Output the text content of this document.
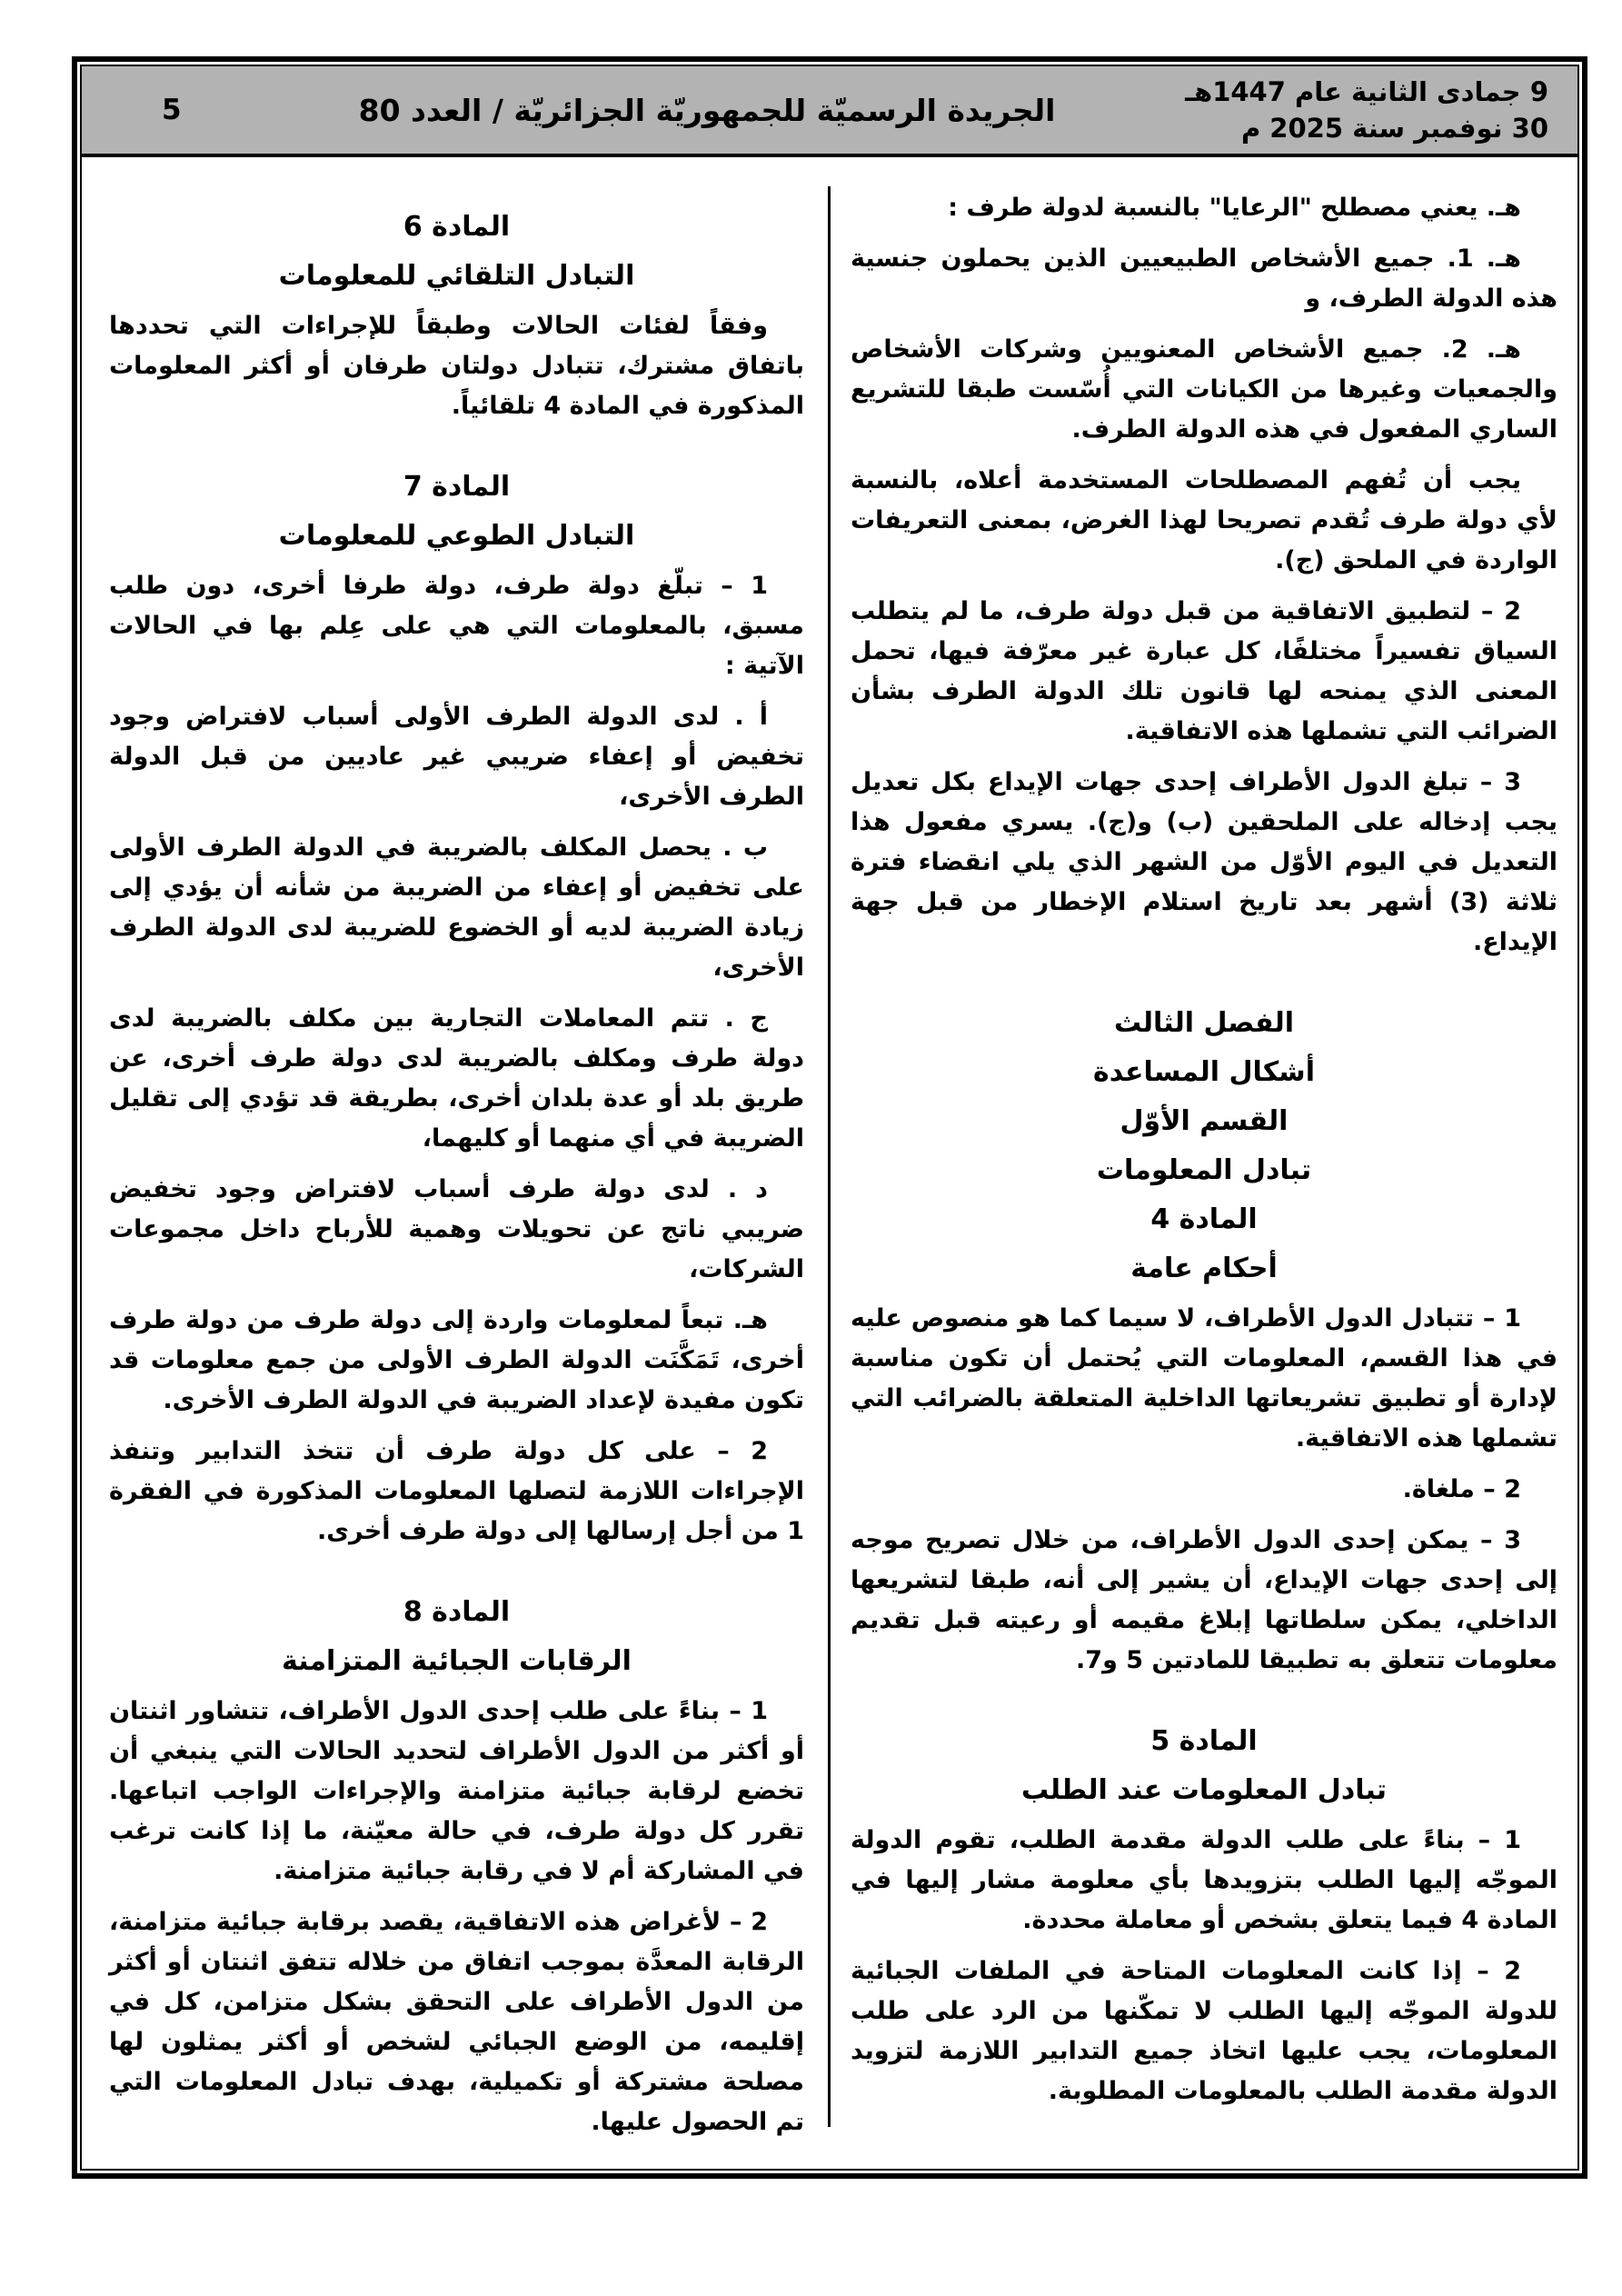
9 جمادى الثانية عام 1447هـ
30 نوفمبر سنة 2025 م
الجريدة الرسميّة للجمهوريّة الجزائريّة / العدد 80
5
هـ. يعني مصطلح "الرعايا" بالنسبة لدولة طرف :
هـ. 1. جميع الأشخاص الطبيعيين الذين يحملون جنسية هذه الدولة الطرف، و
هـ. 2. جميع الأشخاص المعنويين وشركات الأشخاص والجمعيات وغيرها من الكيانات التي أُسّست طبقا للتشريع الساري المفعول في هذه الدولة الطرف.
يجب أن تُفهم المصطلحات المستخدمة أعلاه، بالنسبة لأي دولة طرف تُقدم تصريحا لهذا الغرض، بمعنى التعريفات الواردة في الملحق (ج).
2 – لتطبيق الاتفاقية من قبل دولة طرف، ما لم يتطلب السياق تفسيراً مختلفًا، كل عبارة غير معرّفة فيها، تحمل المعنى الذي يمنحه لها قانون تلك الدولة الطرف بشأن الضرائب التي تشملها هذه الاتفاقية.
3 – تبلغ الدول الأطراف إحدى جهات الإيداع بكل تعديل يجب إدخاله على الملحقين (ب) و(ج). يسري مفعول هذا التعديل في اليوم الأوّل من الشهر الذي يلي انقضاء فترة ثلاثة (3) أشهر بعد تاريخ استلام الإخطار من قبل جهة الإيداع.
الفصل الثالث
أشكال المساعدة
القسم الأوّل
تبادل المعلومات
المادة 4
أحكام عامة
1 – تتبادل الدول الأطراف، لا سيما كما هو منصوص عليه في هذا القسم، المعلومات التي يُحتمل أن تكون مناسبة لإدارة أو تطبيق تشريعاتها الداخلية المتعلقة بالضرائب التي تشملها هذه الاتفاقية.
2 – ملغاة.
3 – يمكن إحدى الدول الأطراف، من خلال تصريح موجه إلى إحدى جهات الإيداع، أن يشير إلى أنه، طبقا لتشريعها الداخلي، يمكن سلطاتها إبلاغ مقيمه أو رعيته قبل تقديم معلومات تتعلق به تطبيقا للمادتين 5 و7.
المادة 5
تبادل المعلومات عند الطلب
1 – بناءً على طلب الدولة مقدمة الطلب، تقوم الدولة الموجّه إليها الطلب بتزويدها بأي معلومة مشار إليها في المادة 4 فيما يتعلق بشخص أو معاملة محددة.
2 – إذا كانت المعلومات المتاحة في الملفات الجبائية للدولة الموجّه إليها الطلب لا تمكّنها من الرد على طلب المعلومات، يجب عليها اتخاذ جميع التدابير اللازمة لتزويد الدولة مقدمة الطلب بالمعلومات المطلوبة.
المادة 6
التبادل التلقائي للمعلومات
وفقاً لفئات الحالات وطبقاً للإجراءات التي تحددها باتفاق مشترك، تتبادل دولتان طرفان أو أكثر المعلومات المذكورة في المادة 4 تلقائياً.
المادة 7
التبادل الطوعي للمعلومات
1 – تبلّغ دولة طرف، دولة طرفا أخرى، دون طلب مسبق، بالمعلومات التي هي على عِلم بها في الحالات الآتية :
أ . لدى الدولة الطرف الأولى أسباب لافتراض وجود تخفيض أو إعفاء ضريبي غير عاديين من قبل الدولة الطرف الأخرى،
ب . يحصل المكلف بالضريبة في الدولة الطرف الأولى على تخفيض أو إعفاء من الضريبة من شأنه أن يؤدي إلى زيادة الضريبة لديه أو الخضوع للضريبة لدى الدولة الطرف الأخرى،
ج . تتم المعاملات التجارية بين مكلف بالضريبة لدى دولة طرف ومكلف بالضريبة لدى دولة طرف أخرى، عن طريق بلد أو عدة بلدان أخرى، بطريقة قد تؤدي إلى تقليل الضريبة في أي منهما أو كليهما،
د . لدى دولة طرف أسباب لافتراض وجود تخفيض ضريبي ناتج عن تحويلات وهمية للأرباح داخل مجموعات الشركات،
هـ. تبعاً لمعلومات واردة إلى دولة طرف من دولة طرف أخرى، تَمَكَّنَت الدولة الطرف الأولى من جمع معلومات قد تكون مفيدة لإعداد الضريبة في الدولة الطرف الأخرى.
2 – على كل دولة طرف أن تتخذ التدابير وتنفذ الإجراءات اللازمة لتصلها المعلومات المذكورة في الفقرة 1 من أجل إرسالها إلى دولة طرف أخرى.
المادة 8
الرقابات الجبائية المتزامنة
1 – بناءً على طلب إحدى الدول الأطراف، تتشاور اثنتان أو أكثر من الدول الأطراف لتحديد الحالات التي ينبغي أن تخضع لرقابة جبائية متزامنة والإجراءات الواجب اتباعها. تقرر كل دولة طرف، في حالة معيّنة، ما إذا كانت ترغب في المشاركة أم لا في رقابة جبائية متزامنة.
2 – لأغراض هذه الاتفاقية، يقصد برقابة جبائية متزامنة، الرقابة المعدَّة بموجب اتفاق من خلاله تتفق اثنتان أو أكثر من الدول الأطراف على التحقق بشكل متزامن، كل في إقليمه، من الوضع الجبائي لشخص أو أكثر يمثلون لها مصلحة مشتركة أو تكميلية، بهدف تبادل المعلومات التي تم الحصول عليها.
